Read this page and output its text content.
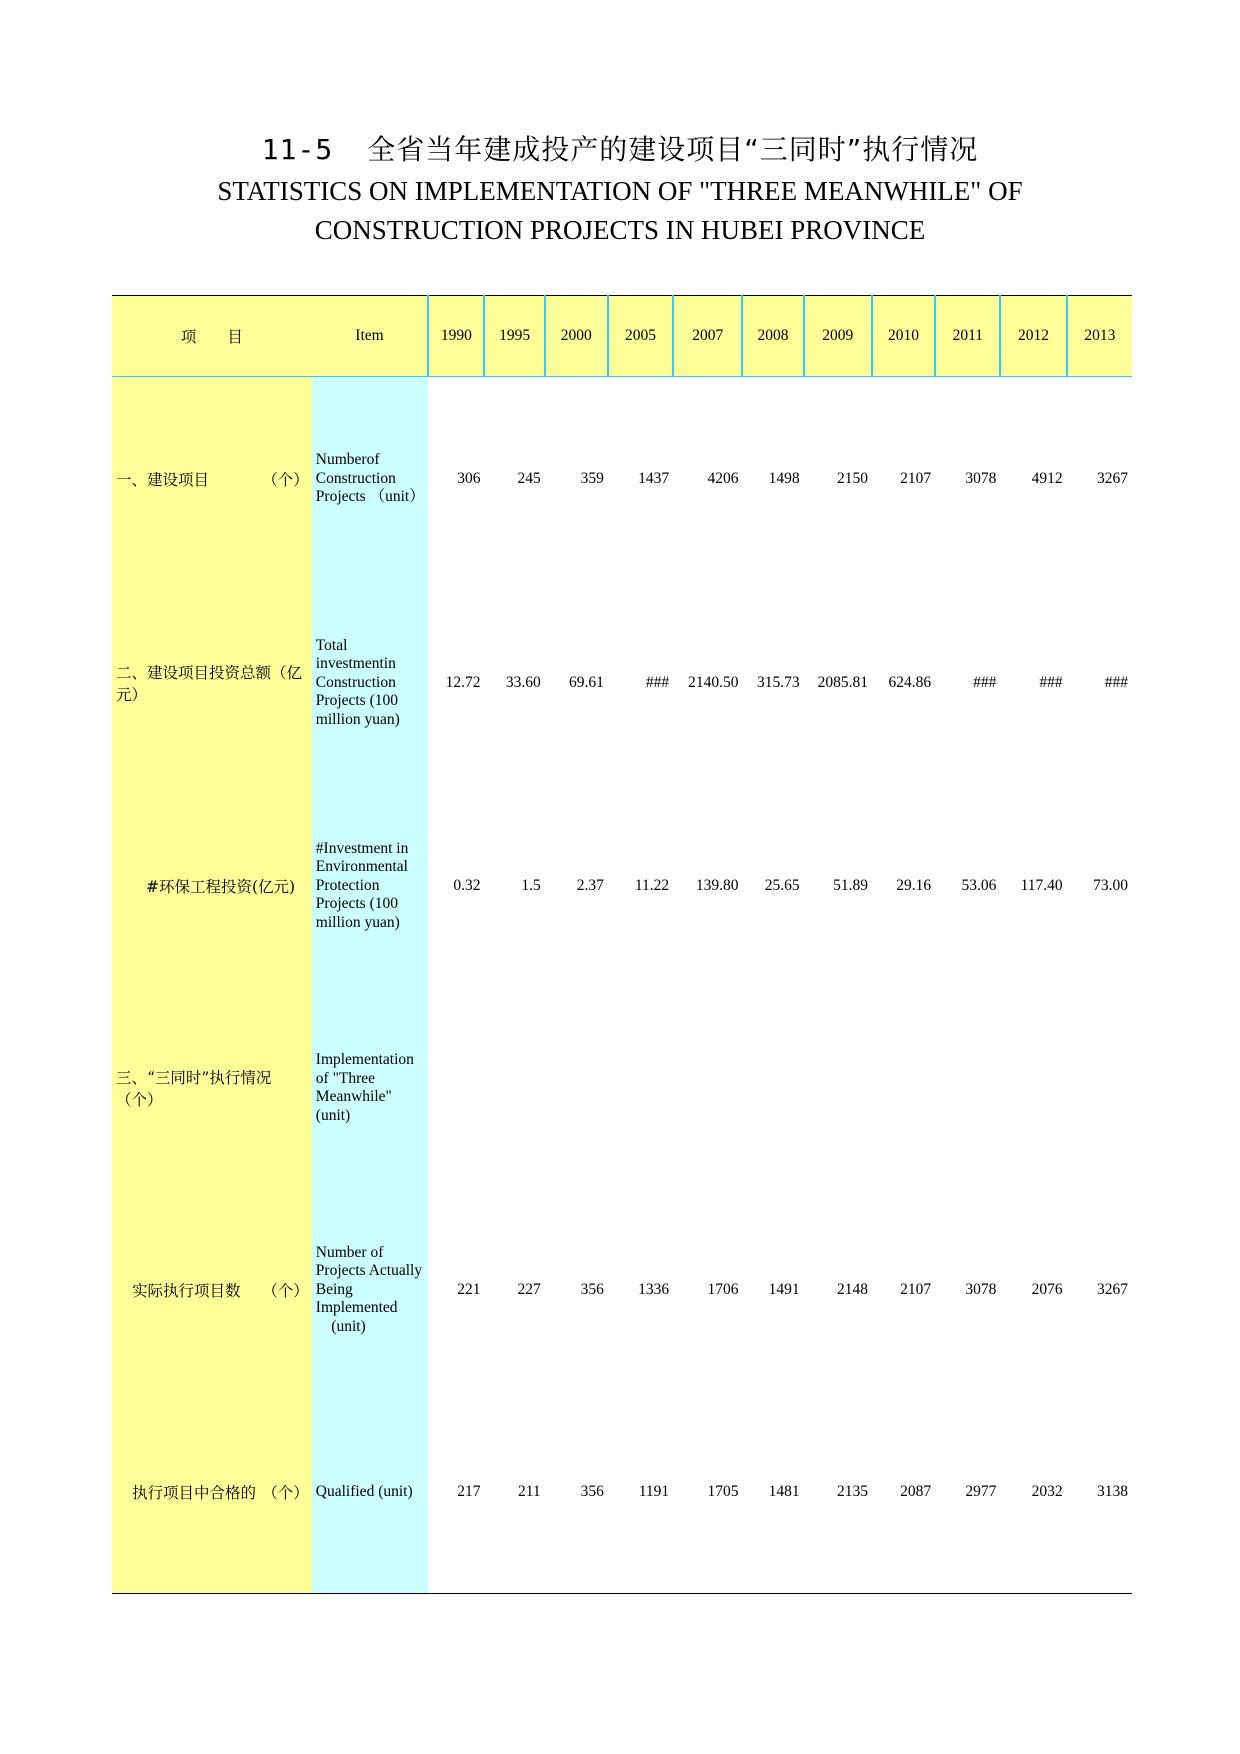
11-5 全省当年建成投产的建设项目“三同时”执行情况
STATISTICS ON IMPLEMENTATION OF "THREE MEANWHILE" OF
CONSTRUCTION PROJECTS IN HUBEI PROVINCE
项　　目	Item	1990	1995	2000	2005	2007	2008	2009	2010	2011	2012	2013

一、建设项目 （个）	Numberof Construction Projects （unit）	306	245	359	1437	4206	1498	2150	2107	3078	4912	3267

二、建设项目投资总额（亿元）	Total investmentin Construction Projects (100 million yuan)	12.72	33.60	69.61	###	2140.50	315.73	2085.81	624.86	###	###	###

#环保工程投资(亿元)	#Investment in Environmental Protection Projects (100 million yuan)	0.32	1.5	2.37	11.22	139.80	25.65	51.89	29.16	53.06	117.40	73.00

三、“三同时”执行情况（个）	Implementation of "Three Meanwhile" (unit)											

实际执行项目数 （个）	Number of Projects Actually Being Implemented 　(unit)	221	227	356	1336	1706	1491	2148	2107	3078	2076	3267

执行项目中合格的 （个）	Qualified (unit)	217	211	356	1191	1705	1481	2135	2087	2977	2032	3138
